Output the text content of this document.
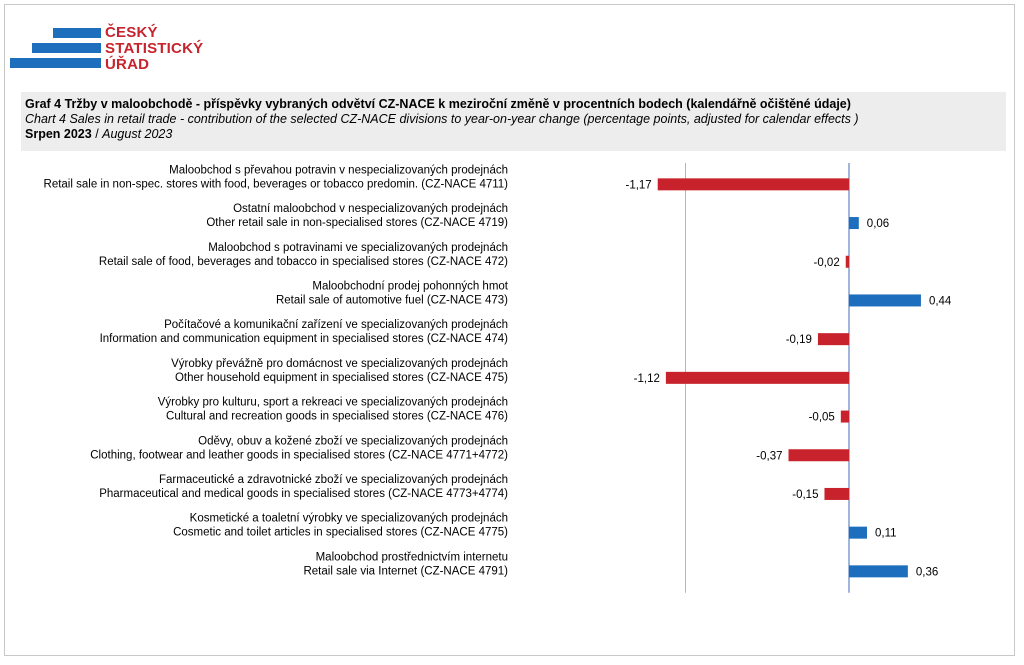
ČESKÝ
STATISTICKÝ
ÚŘAD
Graf 4 Tržby v maloobchodě - příspěvky vybraných odvětví CZ-NACE k meziroční změně v procentních bodech (kalendářně očištěné údaje)
Chart 4 Sales in retail trade - contribution of the selected CZ-NACE divisions to year-on-year change (percentage points, adjusted for calendar effects )
Srpen 2023 / August 2023
Maloobchod s převahou potravin v nespecializovaných prodejnách
Retail sale in non-spec. stores with food, beverages or tobacco predomin. (CZ-NACE 4711)	-1,17
Ostatní maloobchod v nespecializovaných prodejnách
Other retail sale in non-specialised stores (CZ-NACE 4719)	0,06
Maloobchod s potravinami ve specializovaných prodejnách
Retail sale of food, beverages and tobacco in specialised stores (CZ-NACE 472)	-0,02
Maloobchodní prodej pohonných hmot
Retail sale of automotive fuel (CZ-NACE 473)	0,44
Počítačové a komunikační zařízení ve specializovaných prodejnách
Information and communication equipment in specialised stores (CZ-NACE 474)	-0,19
Výrobky převážně pro domácnost ve specializovaných prodejnách
Other household equipment in specialised stores (CZ-NACE 475)	-1,12
Výrobky pro kulturu, sport a rekreaci ve specializovaných prodejnách
Cultural and recreation goods in specialised stores (CZ-NACE 476)	-0,05
Oděvy, obuv a kožené zboží ve specializovaných prodejnách
Clothing, footwear and leather goods in specialised stores (CZ-NACE 4771+4772)	-0,37
Farmaceutické a zdravotnické zboží ve specializovaných prodejnách
Pharmaceutical and medical goods in specialised stores (CZ-NACE 4773+4774)	-0,15
Kosmetické a toaletní výrobky ve specializovaných prodejnách
Cosmetic and toilet articles in specialised stores (CZ-NACE 4775)	0,11
Maloobchod prostřednictvím internetu
Retail sale via Internet (CZ-NACE 4791)	0,36
